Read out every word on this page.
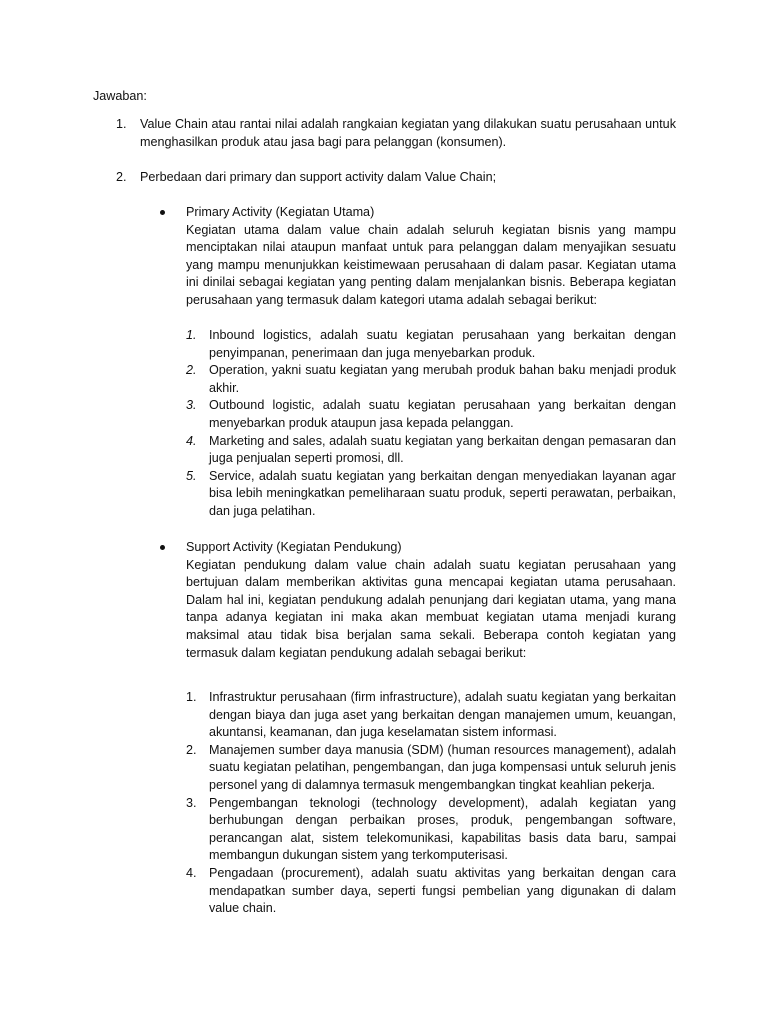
Jawaban:
1. Value Chain atau rantai nilai adalah rangkaian kegiatan yang dilakukan suatu perusahaan untuk menghasilkan produk atau jasa bagi para pelanggan (konsumen).
2. Perbedaan dari primary dan support activity dalam Value Chain;
Primary Activity (Kegiatan Utama)
Kegiatan utama dalam value chain adalah seluruh kegiatan bisnis yang mampu menciptakan nilai ataupun manfaat untuk para pelanggan dalam menyajikan sesuatu yang mampu menunjukkan keistimewaan perusahaan di dalam pasar. Kegiatan utama ini dinilai sebagai kegiatan yang penting dalam menjalankan bisnis. Beberapa kegiatan perusahaan yang termasuk dalam kategori utama adalah sebagai berikut:
1. Inbound logistics, adalah suatu kegiatan perusahaan yang berkaitan dengan penyimpanan, penerimaan dan juga menyebarkan produk.
2. Operation, yakni suatu kegiatan yang merubah produk bahan baku menjadi produk akhir.
3. Outbound logistic, adalah suatu kegiatan perusahaan yang berkaitan dengan menyebarkan produk ataupun jasa kepada pelanggan.
4. Marketing and sales, adalah suatu kegiatan yang berkaitan dengan pemasaran dan juga penjualan seperti promosi, dll.
5. Service, adalah suatu kegiatan yang berkaitan dengan menyediakan layanan agar bisa lebih meningkatkan pemeliharaan suatu produk, seperti perawatan, perbaikan, dan juga pelatihan.
Support Activity (Kegiatan Pendukung)
Kegiatan pendukung dalam value chain adalah suatu kegiatan perusahaan yang bertujuan dalam memberikan aktivitas guna mencapai kegiatan utama perusahaan. Dalam hal ini, kegiatan pendukung adalah penunjang dari kegiatan utama, yang mana tanpa adanya kegiatan ini maka akan membuat kegiatan utama menjadi kurang maksimal atau tidak bisa berjalan sama sekali. Beberapa contoh kegiatan yang termasuk dalam kegiatan pendukung adalah sebagai berikut:
1. Infrastruktur perusahaan (firm infrastructure), adalah suatu kegiatan yang berkaitan dengan biaya dan juga aset yang berkaitan dengan manajemen umum, keuangan, akuntansi, keamanan, dan juga keselamatan sistem informasi.
2. Manajemen sumber daya manusia (SDM) (human resources management), adalah suatu kegiatan pelatihan, pengembangan, dan juga kompensasi untuk seluruh jenis personel yang di dalamnya termasuk mengembangkan tingkat keahlian pekerja.
3. Pengembangan teknologi (technology development), adalah kegiatan yang berhubungan dengan perbaikan proses, produk, pengembangan software, perancangan alat, sistem telekomunikasi, kapabilitas basis data baru, sampai membangun dukungan sistem yang terkomputerisasi.
4. Pengadaan (procurement), adalah suatu aktivitas yang berkaitan dengan cara mendapatkan sumber daya, seperti fungsi pembelian yang digunakan di dalam value chain.
